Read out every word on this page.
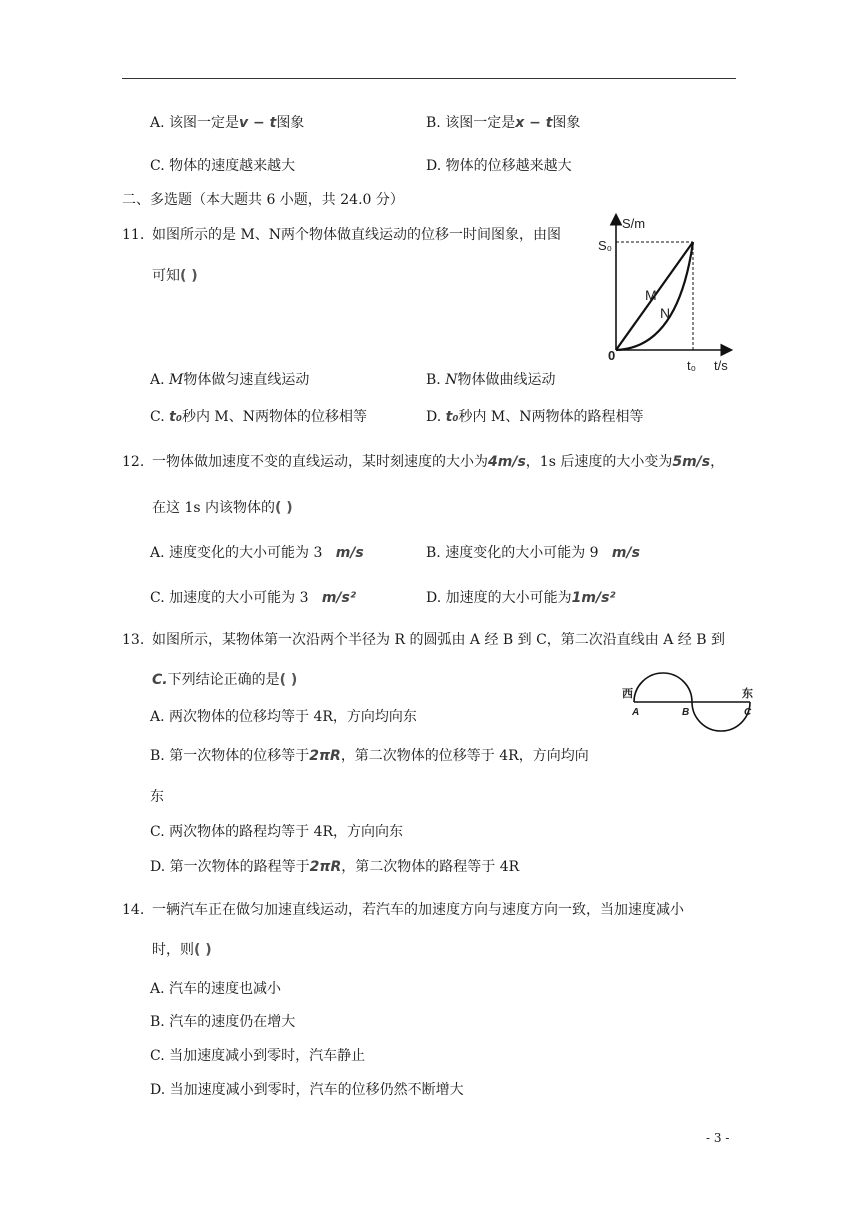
A. 该图一定是v − t图象	B. 该图一定是x − t图象
C. 物体的速度越来越大	D. 物体的位移越来越大
二、多选题（本大题共 6 小题，共 24.0 分）
11. 如图所示的是 M、N两个物体做直线运动的位移一时间图象，由图
可知( )
S/m
S₀
0
t₀ t/s
M
N
A. M物体做匀速直线运动	B. N物体做曲线运动
C. t₀秒内 M、N两物体的位移相等	D. t₀秒内 M、N两物体的路程相等
12. 一物体做加速度不变的直线运动，某时刻速度的大小为4m/s，1s 后速度的大小变为5m/s，
在这 1s 内该物体的( )
A. 速度变化的大小可能为 3 m/s	B. 速度变化的大小可能为 9 m/s
C. 加速度的大小可能为 3 m/s²	D. 加速度的大小可能为1m/s²
13. 如图所示，某物体第一次沿两个半径为 R 的圆弧由 A 经 B 到 C，第二次沿直线由 A 经 B 到
C.下列结论正确的是( )
西	东
A	B	C
A. 两次物体的位移均等于 4R，方向均向东
B. 第一次物体的位移等于2πR，第二次物体的位移等于 4R，方向均向
东
C. 两次物体的路程均等于 4R，方向向东
D. 第一次物体的路程等于2πR，第二次物体的路程等于 4R
14. 一辆汽车正在做匀加速直线运动，若汽车的加速度方向与速度方向一致，当加速度减小
时，则( )
A. 汽车的速度也减小
B. 汽车的速度仍在增大
C. 当加速度减小到零时，汽车静止
D. 当加速度减小到零时，汽车的位移仍然不断增大
- 3 -
